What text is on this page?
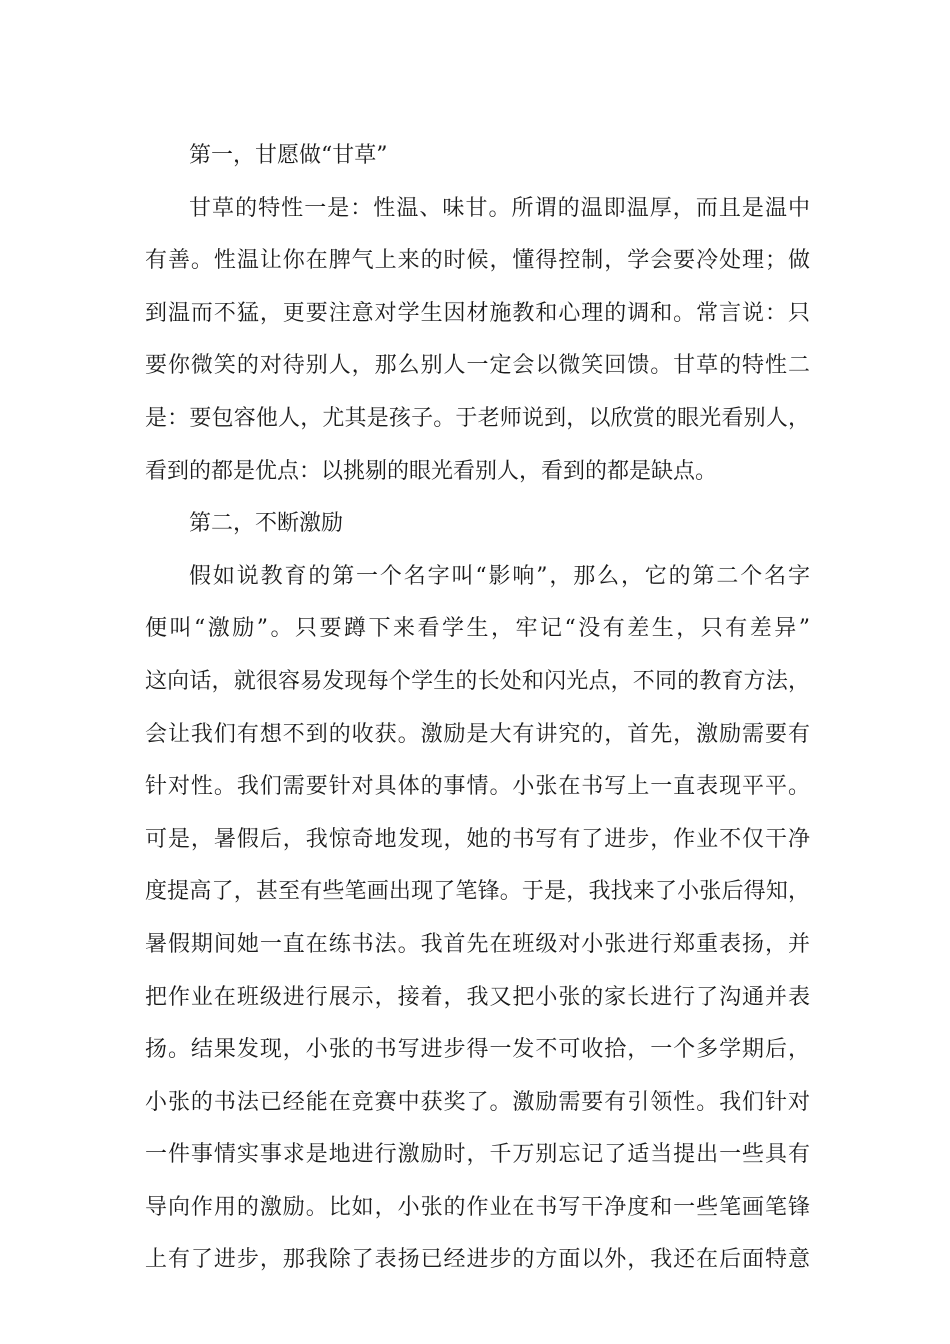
第一，甘愿做“甘草”
甘草的特性一是：性温、味甘。所谓的温即温厚，而且是温中
有善。性温让你在脾气上来的时候，懂得控制，学会要冷处理；做
到温而不猛，更要注意对学生因材施教和心理的调和。常言说：只
要你微笑的对待别人，那么别人一定会以微笑回馈。甘草的特性二
是：要包容他人，尤其是孩子。于老师说到，以欣赏的眼光看别人，
看到的都是优点：以挑剔的眼光看别人，看到的都是缺点。
第二，不断激励
假如说教育的第一个名字叫“影响”，那么，它的第二个名字
便叫“激励”。只要蹲下来看学生，牢记“没有差生，只有差异”
这向话，就很容易发现每个学生的长处和闪光点，不同的教育方法，
会让我们有想不到的收获。激励是大有讲究的，首先，激励需要有
针对性。我们需要针对具体的事情。小张在书写上一直表现平平。
可是，暑假后，我惊奇地发现，她的书写有了进步，作业不仅干净
度提高了，甚至有些笔画出现了笔锋。于是，我找来了小张后得知，
暑假期间她一直在练书法。我首先在班级对小张进行郑重表扬，并
把作业在班级进行展示，接着，我又把小张的家长进行了沟通并表
扬。结果发现，小张的书写进步得一发不可收拾，一个多学期后，
小张的书法已经能在竞赛中获奖了。激励需要有引领性。我们针对
一件事情实事求是地进行激励时，千万别忘记了适当提出一些具有
导向作用的激励。比如，小张的作业在书写干净度和一些笔画笔锋
上有了进步，那我除了表扬已经进步的方面以外，我还在后面特意
